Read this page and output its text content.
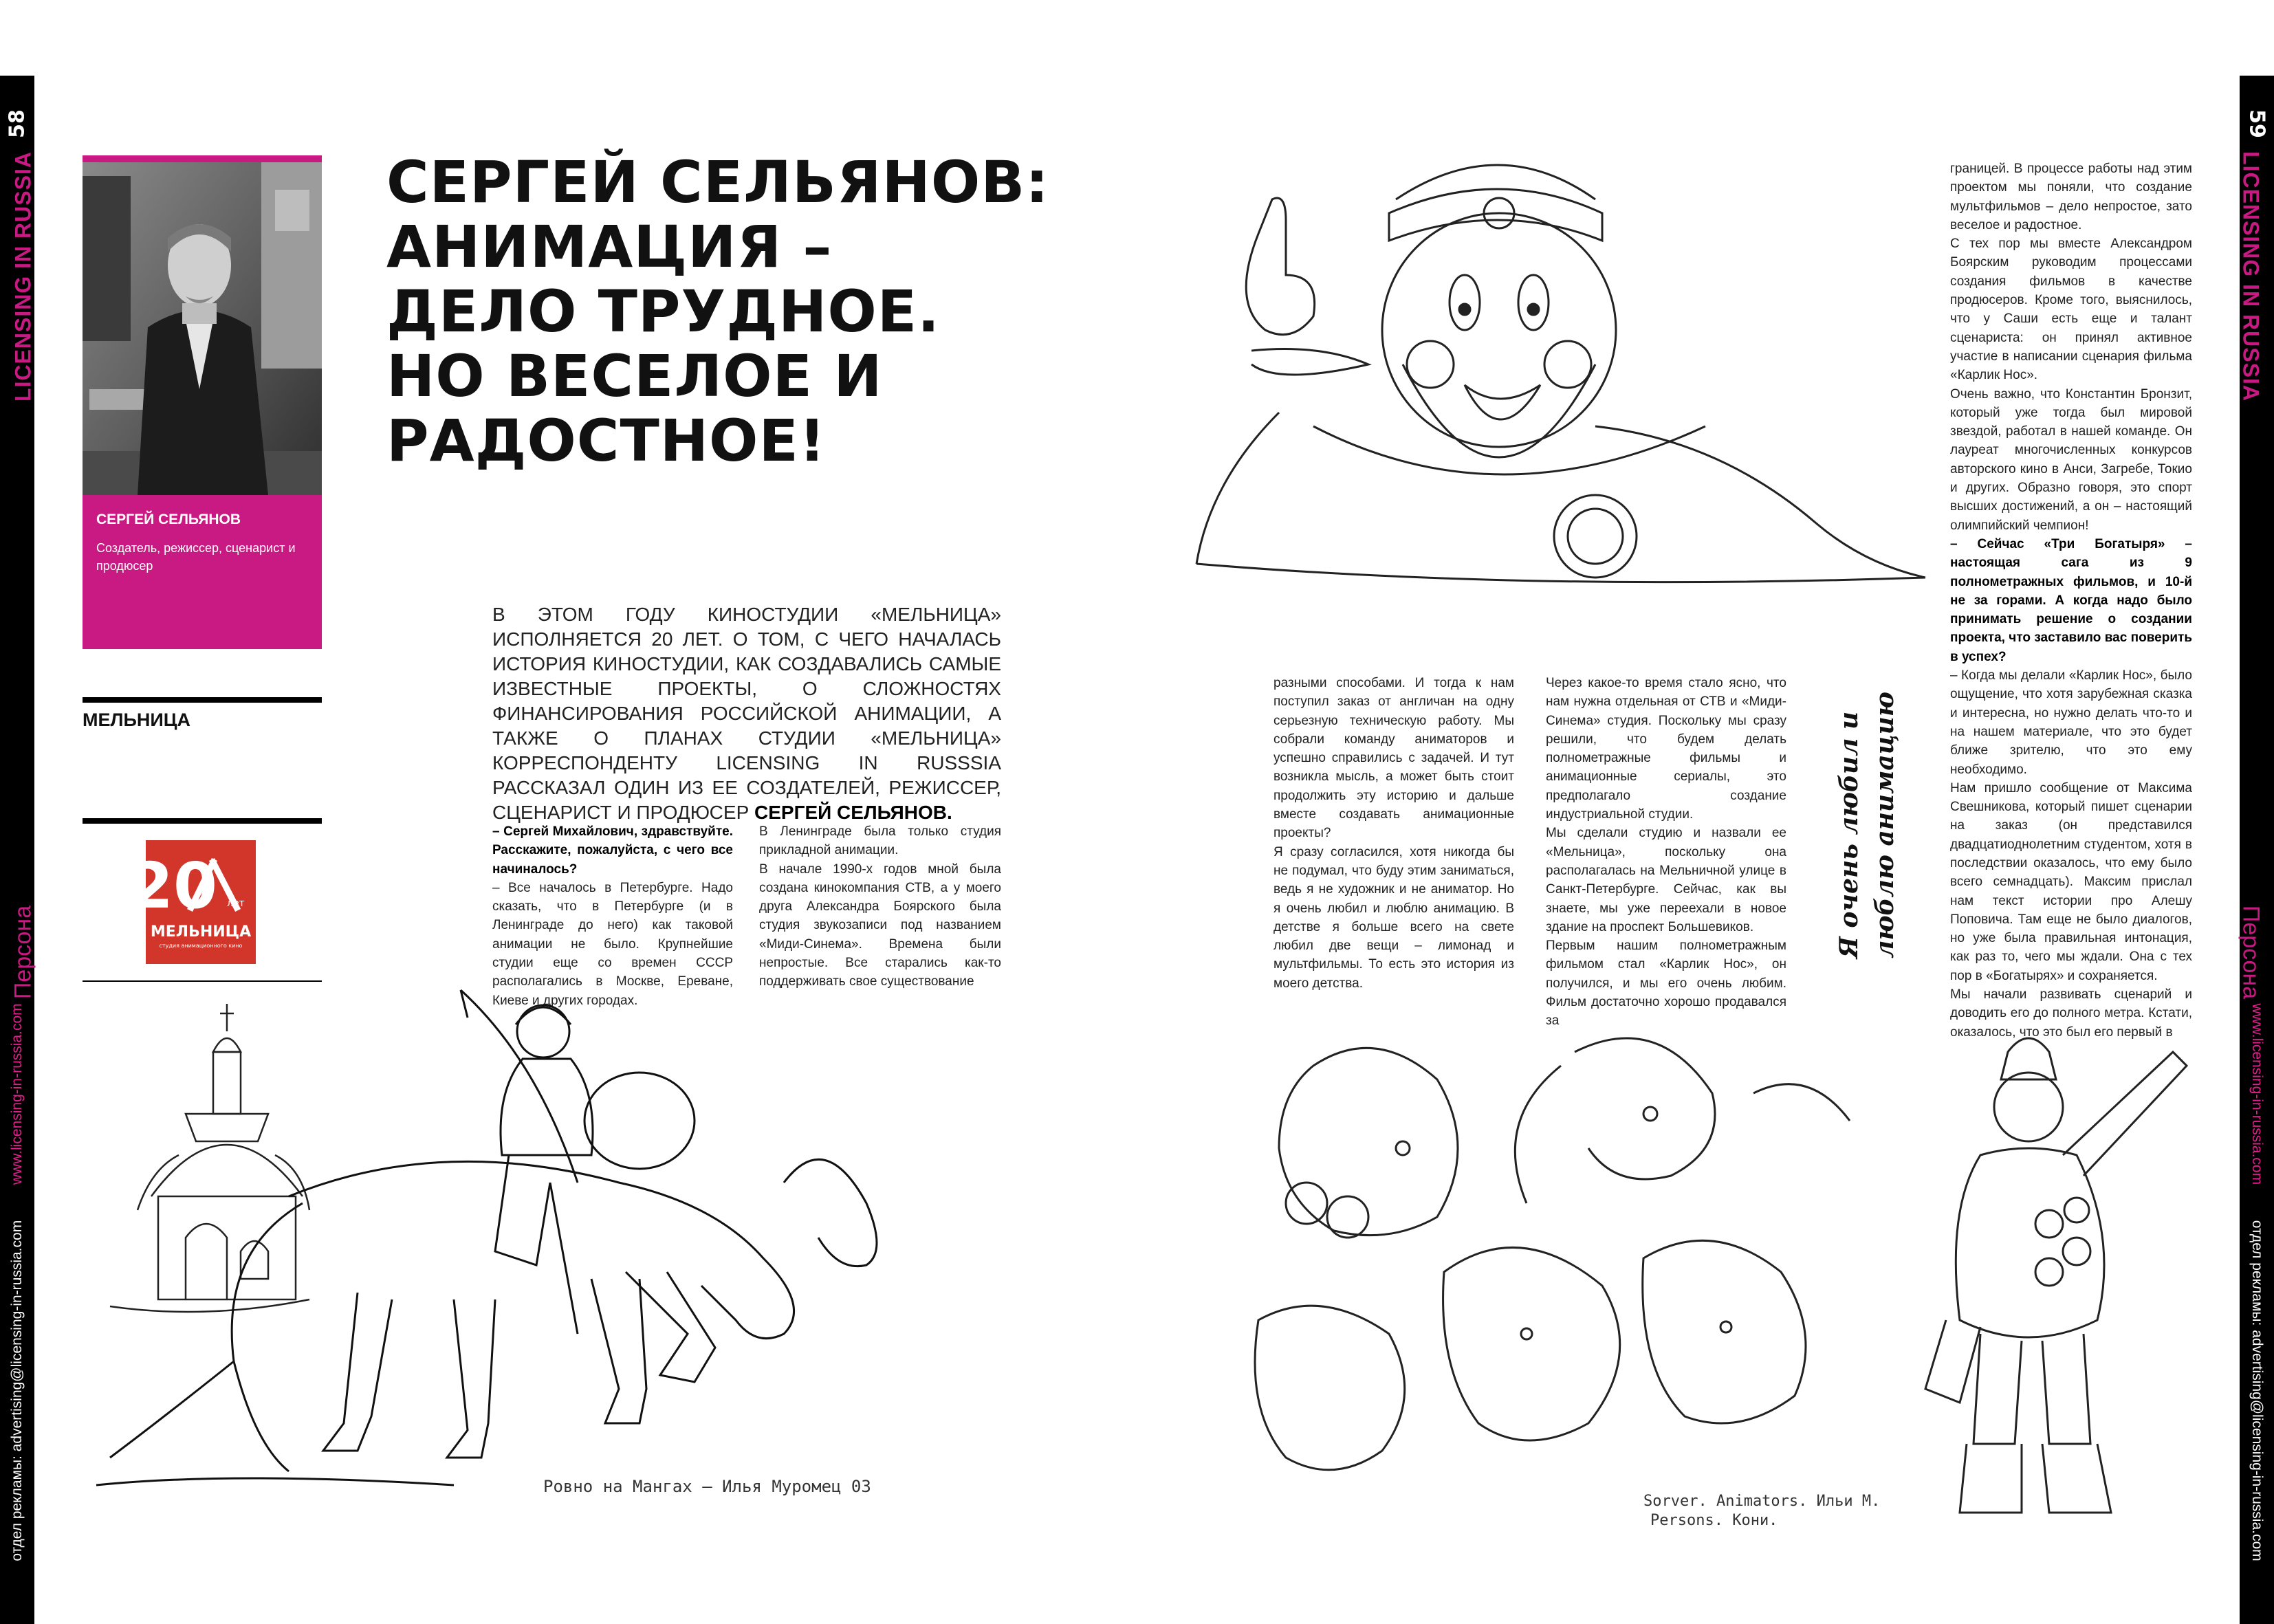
58	59
LICENSING IN RUSSIA
Персона
отдел рекламы: advertising@licensing-in-russia.com  www.licensing-in-russia.com
LICENSING IN RUSSIA
Персона
www.licensing-in-russia.com  отдел рекламы: advertising@licensing-in-russia.com
СЕРГЕЙ СЕЛЬЯНОВ
Создатель, режиссер, сценарист и продюсер
МЕЛЬНИЦА
20 лет
МЕЛЬНИЦА
студия анимационного кино
СЕРГЕЙ СЕЛЬЯНОВ:
АНИМАЦИЯ –
ДЕЛО ТРУДНОЕ.
НО ВЕСЕЛОЕ И
РАДОСТНОЕ!
В ЭТОМ ГОДУ КИНОСТУДИИ «МЕЛЬНИЦА» ИСПОЛНЯЕТСЯ 20 ЛЕТ. О ТОМ, С ЧЕГО НАЧАЛАСЬ ИСТОРИЯ КИНОСТУДИИ, КАК СОЗДАВАЛИСЬ САМЫЕ ИЗВЕСТНЫЕ ПРОЕКТЫ, О СЛОЖНОСТЯХ ФИНАНСИРОВАНИЯ РОССИЙСКОЙ АНИМАЦИИ, А ТАКЖЕ О ПЛАНАХ СТУДИИ «МЕЛЬНИЦА» КОРРЕСПОНДЕНТУ LICENSING IN RUSSSIA РАССКАЗАЛ ОДИН ИЗ ЕЕ СОЗДАТЕЛЕЙ, РЕЖИССЕР, СЦЕНАРИСТ И ПРОДЮСЕР СЕРГЕЙ СЕЛЬЯНОВ.

– Сергей Михайлович, здравствуйте. Расскажите, пожалуйста, с чего все начиналось?

– Все началось в Петербурге. Надо сказать, что в Петербурге (и в Ленинграде до него) как таковой анимации не было. Крупнейшие студии еще со времен СССР располагались в Москве, Ереване, Киеве и других городах.

В Ленинграде была только студия прикладной анимации.

В начале 1990-х годов мной была создана кинокомпания СТВ, а у моего друга Александра Боярского была студия звукозаписи под названием «Миди-Синема». Времена были непростые. Все старались как-то поддерживать свое существование

разными способами. И тогда к нам поступил заказ от англичан на одну серьезную техническую работу. Мы собрали команду аниматоров и успешно справились с задачей. И тут возникла мысль, а может быть стоит продолжить эту историю и дальше вместе создавать анимационные проекты?

Я сразу согласился, хотя никогда бы не подумал, что буду этим заниматься, ведь я не художник и не аниматор. Но я очень любил и люблю анимацию. В детстве я больше всего на свете любил две вещи – лимонад и мультфильмы. То есть это история из моего детства.

Через какое-то время стало ясно, что нам нужна отдельная от СТВ и «Миди-Синема» студия. Поскольку мы сразу решили, что будем делать полнометражные фильмы и анимационные сериалы, это предполагало создание индустриальной студии.

Мы сделали студию и назвали ее «Мельница», поскольку она располагалась на Мельничной улице в Санкт-Петербурге. Сейчас, как вы знаете, мы уже переехали в новое здание на проспект Большевиков.

Первым нашим полнометражным фильмом стал «Карлик Нос», он получился, и мы его очень любим. Фильм достаточно хорошо продавался за

Я очень любил и люблю анимацию

границей. В процессе работы над этим проектом мы поняли, что создание мультфильмов – дело непростое, зато веселое и радостное.

С тех пор мы вместе Александром Боярским руководим процессами создания фильмов в качестве продюсеров. Кроме того, выяснилось, что у Саши есть еще и талант сценариста: он принял активное участие в написании сценария фильма «Карлик Нос».

Очень важно, что Константин Бронзит, который уже тогда был мировой звездой, работал в нашей команде. Он лауреат многочисленных конкурсов авторского кино в Анси, Загребе, Токио и других. Образно говоря, это спорт высших достижений, а он – настоящий олимпийский чемпион!

– Сейчас «Три Богатыря» – настоящая сага из 9 полнометражных фильмов, и 10-й не за горами. А когда надо было принимать решение о создании проекта, что заставило вас поверить в успех?

– Когда мы делали «Карлик Нос», было ощущение, что хотя зарубежная сказка и интересна, но нужно делать что-то и на нашем материале, что это будет ближе зрителю, что это ему необходимо.

Нам пришло сообщение от Максима Свешникова, который пишет сценарии на заказ (он представился двадцатиоднолетним студентом, хотя в последствии оказалось, что ему было всего семнадцать). Максим прислал нам текст истории про Алешу Поповича. Там еще не было диалогов, но уже была правильная интонация, как раз то, чего мы ждали. Она с тех пор в «Богатырях» и сохраняется.

Мы начали развивать сценарий и доводить его до полного метра. Кстати, оказалось, что это был его первый в

Ровно на Мангах – Илья Муромец 03
Sorver. Animators. Ильи М.
Persons. Кони.
